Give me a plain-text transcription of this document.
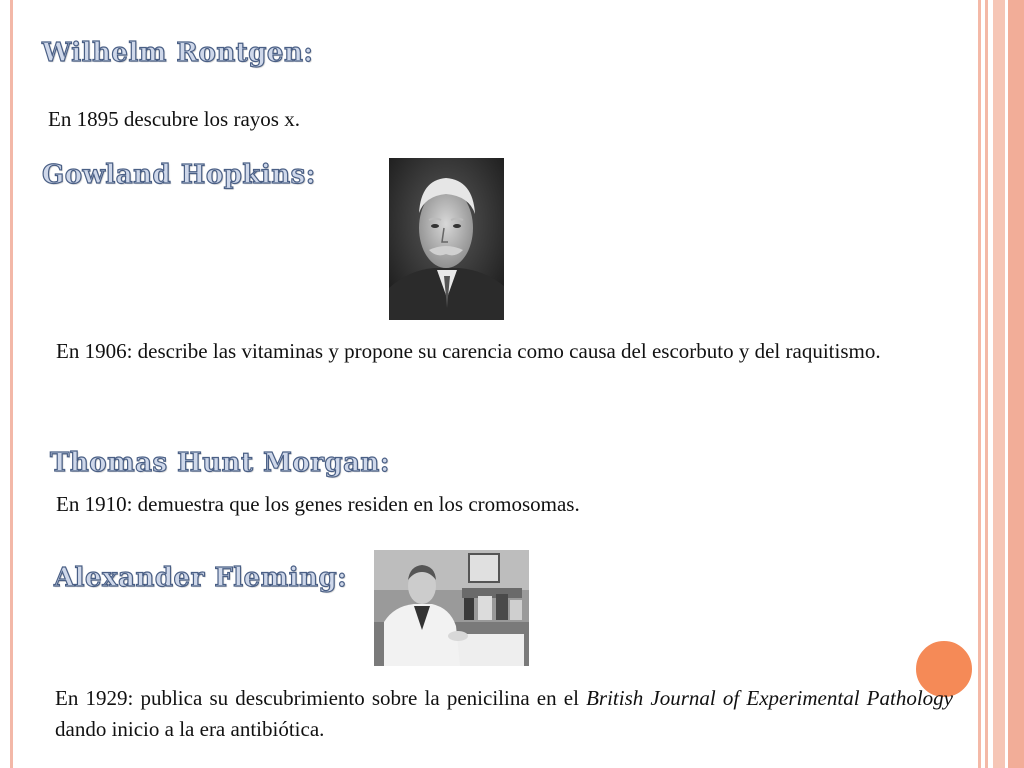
Wilhelm Rontgen:
En 1895 descubre los rayos x.
Gowland Hopkins:
En 1906: describe las vitaminas y propone su carencia como causa del escorbuto y del raquitismo.
Thomas Hunt Morgan:
En 1910: demuestra que los genes residen en los cromosomas.
Alexander Fleming:
En 1929: publica su descubrimiento sobre la penicilina en el British Journal of Experimental Pathology dando inicio a la era antibiótica.
